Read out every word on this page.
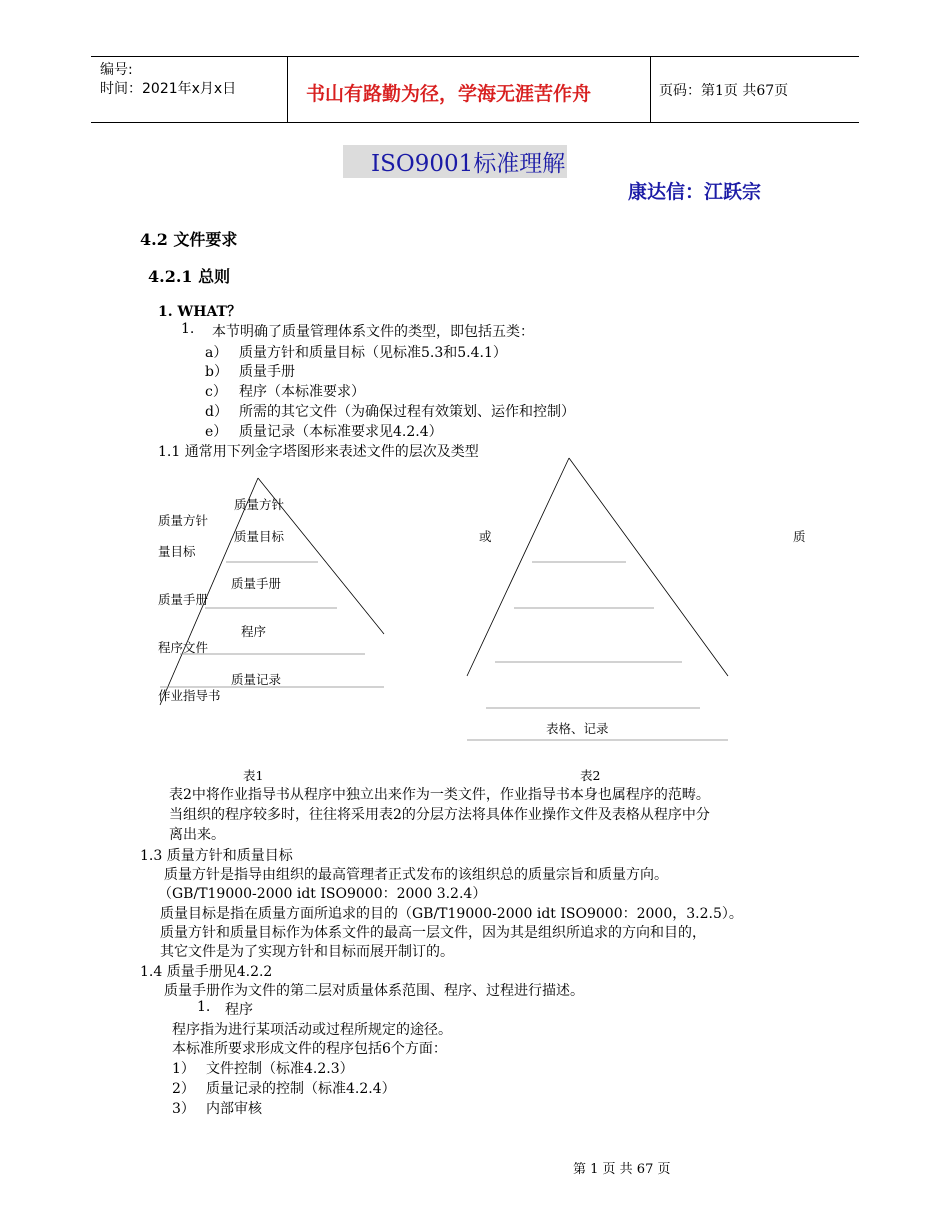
编号:
时间：2021年x月x日	书山有路勤为径，学海无涯苦作舟	页码：第1页 共67页
ISO9001标准理解
康达信：江跃宗
4.2 文件要求
4.2.1 总则
1. WHAT？
1. 本节明确了质量管理体系文件的类型，即包括五类：
a） 质量方针和质量目标（见标准5.3和5.4.1）
b） 质量手册
c） 程序（本标准要求）
d） 所需的其它文件（为确保过程有效策划、运作和控制）
e） 质量记录（本标准要求见4.2.4）
1.1 通常用下列金字塔图形来表述文件的层次及类型
质量方针
质量目标
质量手册
程序
质量记录
质量方针
量目标
质量手册
程序文件
作业指导书
或	质
表格、记录
表1	表2
表2中将作业指导书从程序中独立出来作为一类文件，作业指导书本身也属程序的范畴。
当组织的程序较多时，往往将采用表2的分层方法将具体作业操作文件及表格从程序中分
离出来。
1.3 质量方针和质量目标
质量方针是指导由组织的最高管理者正式发布的该组织总的质量宗旨和质量方向。
（GB/T19000-2000 idt ISO9000：2000 3.2.4）
质量目标是指在质量方面所追求的目的（GB/T19000-2000 idt ISO9000：2000，3.2.5）。
质量方针和质量目标作为体系文件的最高一层文件，因为其是组织所追求的方向和目的，
其它文件是为了实现方针和目标而展开制订的。
1.4 质量手册见4.2.2
质量手册作为文件的第二层对质量体系范围、程序、过程进行描述。
1. 程序
程序指为进行某项活动或过程所规定的途径。
本标准所要求形成文件的程序包括6个方面：
1） 文件控制（标准4.2.3）
2） 质量记录的控制（标准4.2.4）
3） 内部审核
第 1 页 共 67 页
